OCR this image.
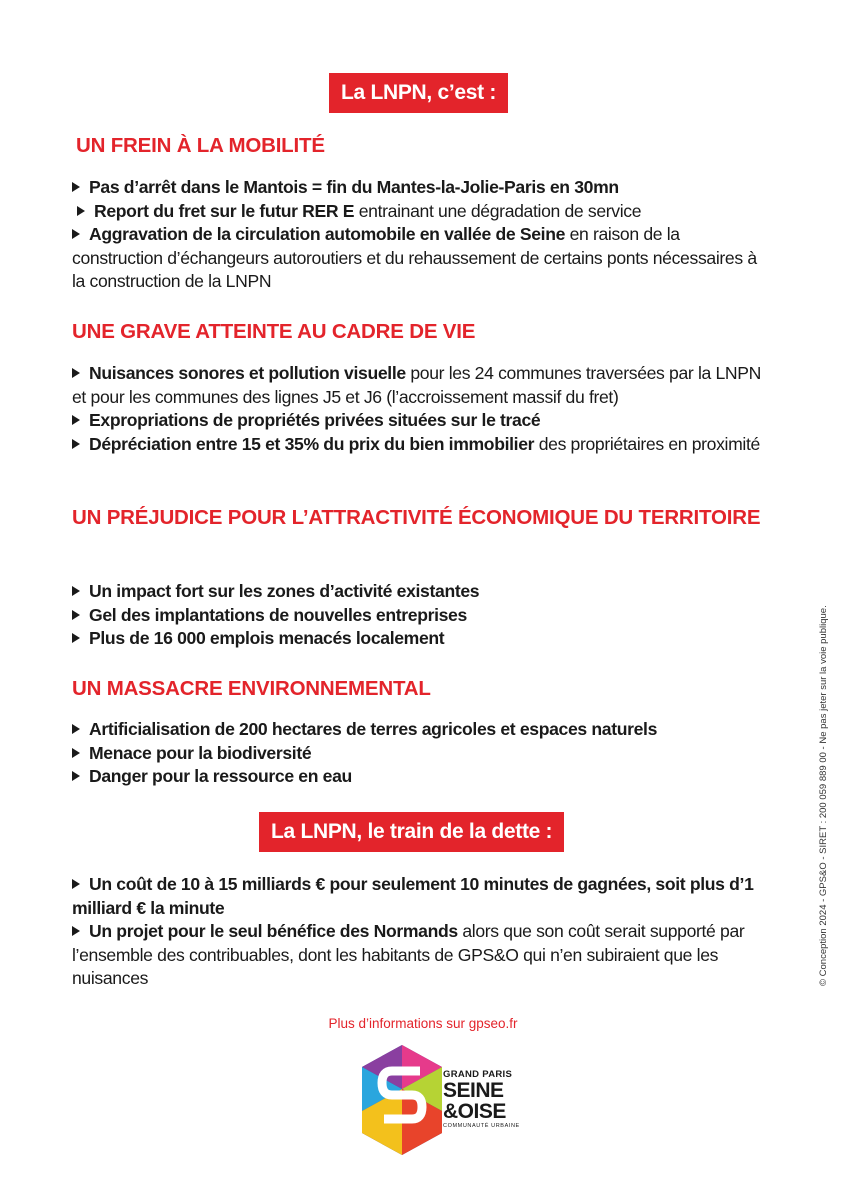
La LNPN, c’est :
UN FREIN À LA MOBILITÉ
Pas d’arrêt dans le Mantois = fin du Mantes-la-Jolie-Paris en 30mn
Report du fret sur le futur RER E entrainant une dégradation de service
Aggravation de la circulation automobile en vallée de Seine en raison de la construction d’échangeurs autoroutiers et du rehaussement de certains ponts nécessaires à la construction de la LNPN
UNE GRAVE ATTEINTE AU CADRE DE VIE
Nuisances sonores et pollution visuelle pour les 24 communes traversées par la LNPN et pour les communes des lignes J5 et J6 (l’accroissement massif du fret)
Expropriations de propriétés privées situées sur le tracé
Dépréciation entre 15 et 35% du prix du bien immobilier des propriétaires en proximité
UN PRÉJUDICE POUR L’ATTRACTIVITÉ ÉCONOMIQUE DU TERRITOIRE
Un impact fort sur les zones d’activité existantes
Gel des implantations de nouvelles entreprises
Plus de 16 000 emplois menacés localement
UN MASSACRE ENVIRONNEMENTAL
Artificialisation de 200 hectares de terres agricoles et espaces naturels
Menace pour la biodiversité
Danger pour la ressource en eau
La LNPN, le train de la dette :
Un coût de 10 à 15 milliards € pour seulement 10 minutes de gagnées, soit plus d’1 milliard € la minute
Un projet pour le seul bénéfice des Normands alors que son coût serait supporté par l’ensemble des contribuables, dont les habitants de GPS&O qui n’en subiraient que les nuisances
Plus d’informations sur gpseo.fr
© Conception 2024 - GPS&O - SIRET : 200 059 889 00 - Ne pas jeter sur la voie publique.
GRAND PARIS
SEINE
&OISE
COMMUNAUTÉ URBAINE
